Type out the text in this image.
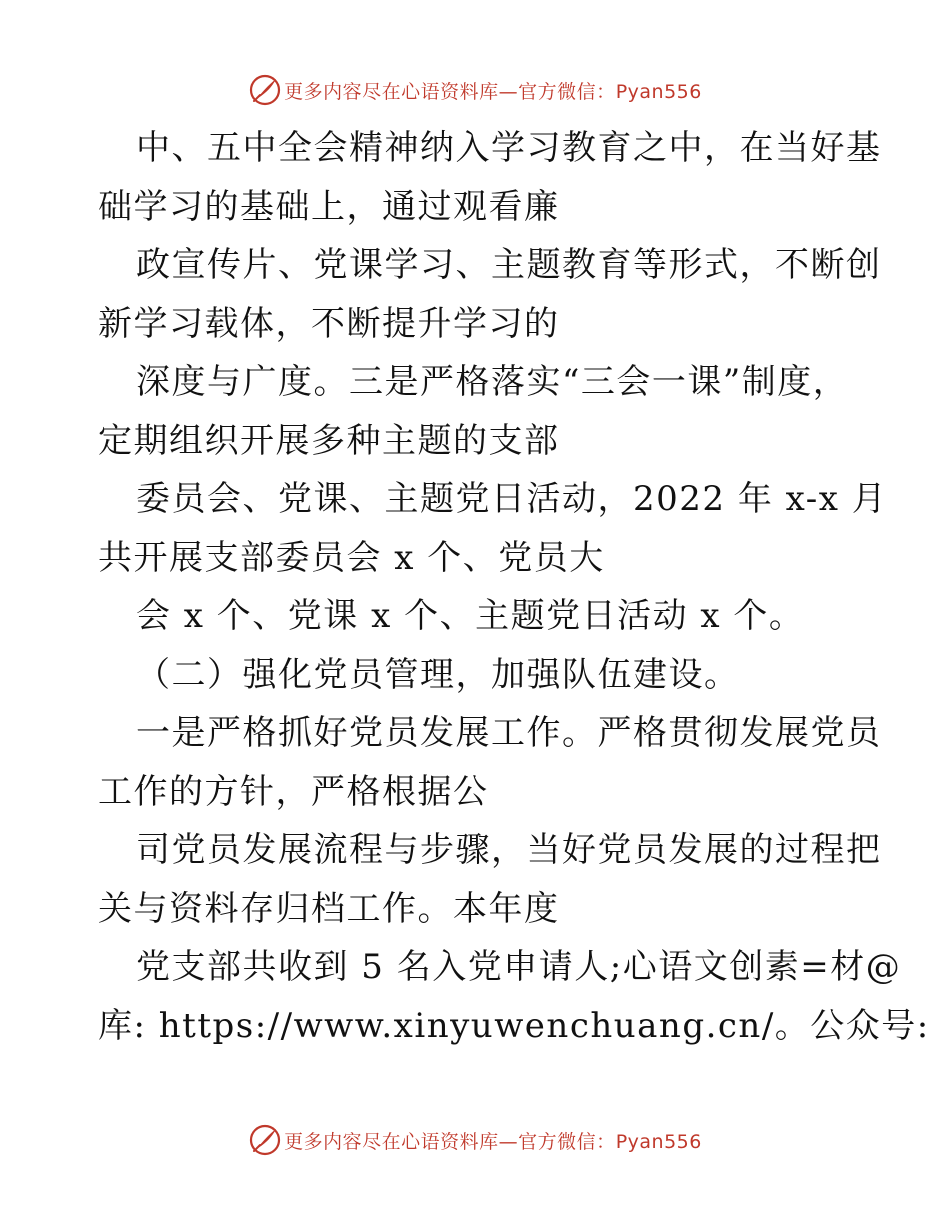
更多内容尽在心语资料库—官方微信：Pyan556
中、五中全会精神纳入学习教育之中，在当好基
础学习的基础上，通过观看廉
政宣传片、党课学习、主题教育等形式，不断创
新学习载体，不断提升学习的
深度与广度。三是严格落实“三会一课”制度，
定期组织开展多种主题的支部
委员会、党课、主题党日活动，2022 年 x-x 月
共开展支部委员会 x 个、党员大
会 x 个、党课 x 个、主题党日活动 x 个。
（二）强化党员管理，加强队伍建设。
一是严格抓好党员发展工作。严格贯彻发展党员
工作的方针，严格根据公
司党员发展流程与步骤，当好党员发展的过程把
关与资料存归档工作。本年度
党支部共收到 5 名入党申请人;心语文创素=材@
库: https://www.xinyuwenchuang.cn/。公众号:
更多内容尽在心语资料库—官方微信：Pyan556
